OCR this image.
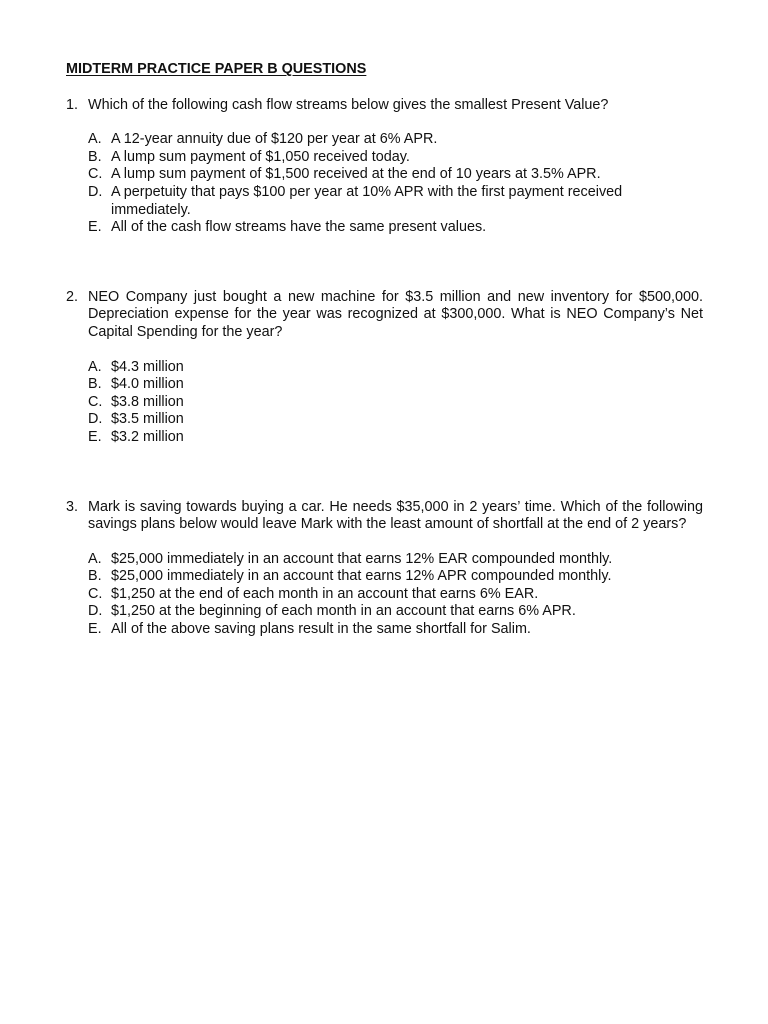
MIDTERM PRACTICE PAPER B QUESTIONS
1. Which of the following cash flow streams below gives the smallest Present Value?
A. A 12-year annuity due of $120 per year at 6% APR.
B. A lump sum payment of $1,050 received today.
C. A lump sum payment of $1,500 received at the end of 10 years at 3.5% APR.
D. A perpetuity that pays $100 per year at 10% APR with the first payment received immediately.
E. All of the cash flow streams have the same present values.
2. NEO Company just bought a new machine for $3.5 million and new inventory for $500,000. Depreciation expense for the year was recognized at $300,000. What is NEO Company’s Net Capital Spending for the year?
A. $4.3 million
B. $4.0 million
C. $3.8 million
D. $3.5 million
E. $3.2 million
3. Mark is saving towards buying a car. He needs $35,000 in 2 years’ time. Which of the following savings plans below would leave Mark with the least amount of shortfall at the end of 2 years?
A. $25,000 immediately in an account that earns 12% EAR compounded monthly.
B. $25,000 immediately in an account that earns 12% APR compounded monthly.
C. $1,250 at the end of each month in an account that earns 6% EAR.
D. $1,250 at the beginning of each month in an account that earns 6% APR.
E. All of the above saving plans result in the same shortfall for Salim.
